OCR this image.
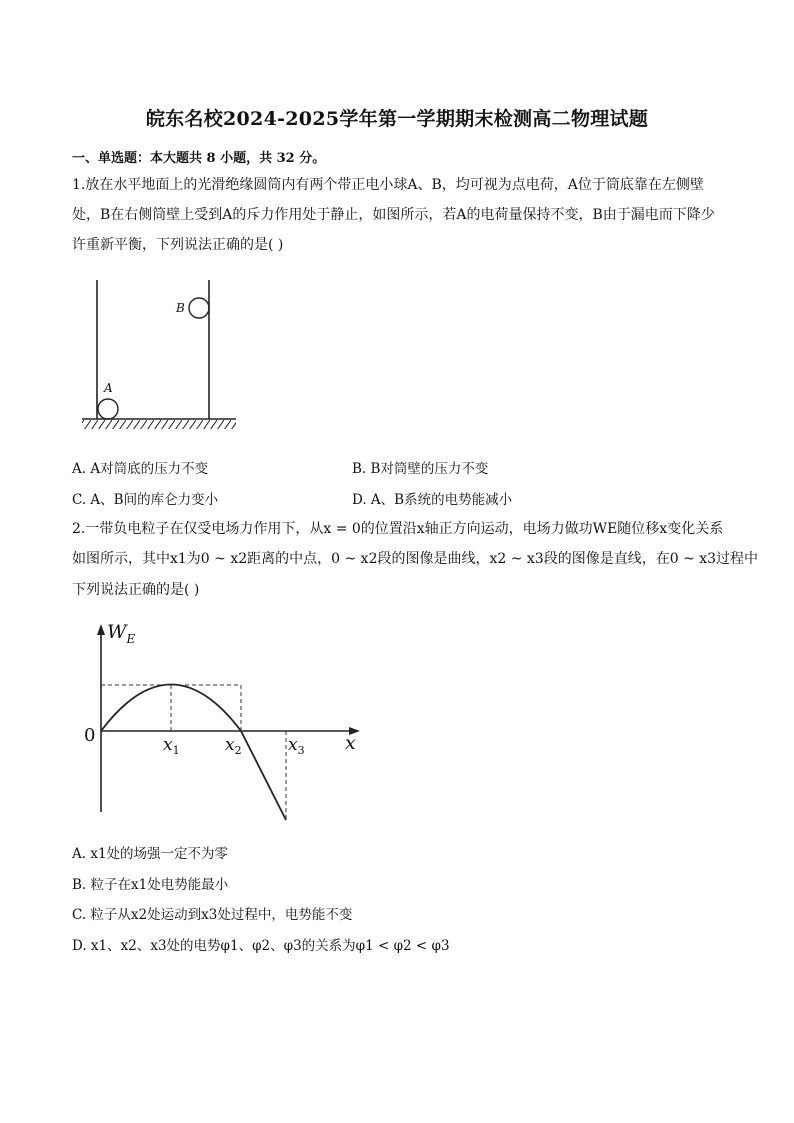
皖东名校2024-2025学年第一学期期末检测高二物理试题
一、单选题：本大题共 8 小题，共 32 分。
1.放在水平地面上的光滑绝缘圆筒内有两个带正电小球A、B，均可视为点电荷，A位于筒底靠在左侧壁
处，B在右侧筒壁上受到A的斥力作用处于静止，如图所示，若A的电荷量保持不变，B由于漏电而下降少
许重新平衡，下列说法正确的是( )
A
B
A. A对筒底的压力不变	B. B对筒壁的压力不变
C. A、B间的库仑力变小	D. A、B系统的电势能减小
2.一带负电粒子在仅受电场力作用下，从x = 0的位置沿x轴正方向运动，电场力做功WE随位移x变化关系
如图所示，其中x1为0 ~ x2距离的中点，0 ~ x2段的图像是曲线，x2 ~ x3段的图像是直线，在0 ~ x3过程中
下列说法正确的是( )
$W_E$
0	x
$x_1$	$x_2$	$x_3$
A. x1处的场强一定不为零
B. 粒子在x1处电势能最小
C. 粒子从x2处运动到x3处过程中，电势能不变
D. x1、x2、x3处的电势φ1、φ2、φ3的关系为φ1 < φ2 < φ3
